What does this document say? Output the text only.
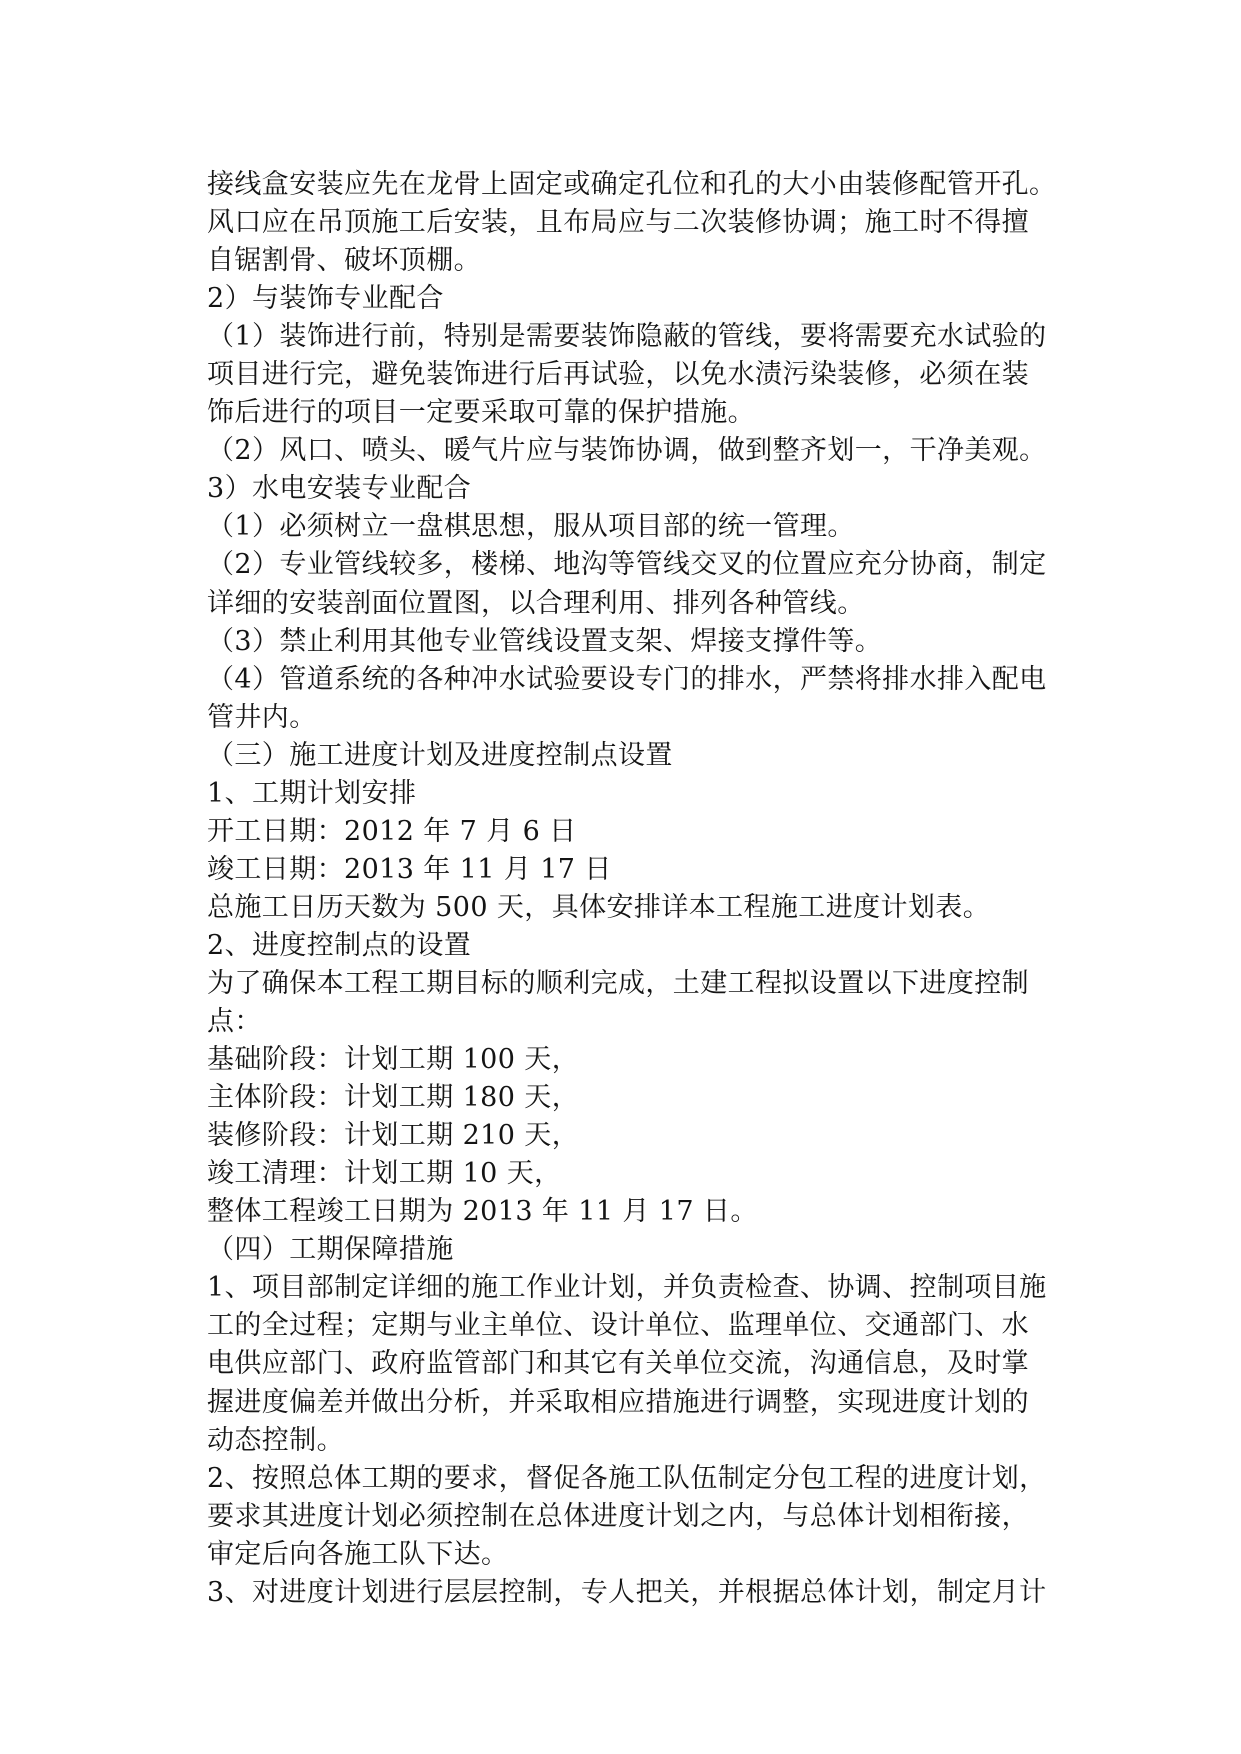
接线盒安装应先在龙骨上固定或确定孔位和孔的大小由装修配管开孔。
风口应在吊顶施工后安装，且布局应与二次装修协调；施工时不得擅
自锯割骨、破坏顶棚。
2）与装饰专业配合
（1）装饰进行前，特别是需要装饰隐蔽的管线，要将需要充水试验的
项目进行完，避免装饰进行后再试验，以免水渍污染装修，必须在装
饰后进行的项目一定要采取可靠的保护措施。
（2）风口、喷头、暖气片应与装饰协调，做到整齐划一，干净美观。
3）水电安装专业配合
（1）必须树立一盘棋思想，服从项目部的统一管理。
（2）专业管线较多，楼梯、地沟等管线交叉的位置应充分协商，制定
详细的安装剖面位置图，以合理利用、排列各种管线。
（3）禁止利用其他专业管线设置支架、焊接支撑件等。
（4）管道系统的各种冲水试验要设专门的排水，严禁将排水排入配电
管井内。
（三）施工进度计划及进度控制点设置
1、工期计划安排
开工日期：2012 年 7 月 6 日
竣工日期：2013 年 11 月 17 日
总施工日历天数为 500 天，具体安排详本工程施工进度计划表。
2、进度控制点的设置
为了确保本工程工期目标的顺利完成，土建工程拟设置以下进度控制
点：
基础阶段：计划工期 100 天，
主体阶段：计划工期 180 天，
装修阶段：计划工期 210 天，
竣工清理：计划工期 10 天，
整体工程竣工日期为 2013 年 11 月 17 日。
（四）工期保障措施
1、项目部制定详细的施工作业计划，并负责检查、协调、控制项目施
工的全过程；定期与业主单位、设计单位、监理单位、交通部门、水
电供应部门、政府监管部门和其它有关单位交流，沟通信息，及时掌
握进度偏差并做出分析，并采取相应措施进行调整，实现进度计划的
动态控制。
2、按照总体工期的要求，督促各施工队伍制定分包工程的进度计划，
要求其进度计划必须控制在总体进度计划之内，与总体计划相衔接，
审定后向各施工队下达。
3、对进度计划进行层层控制，专人把关，并根据总体计划，制定月计
